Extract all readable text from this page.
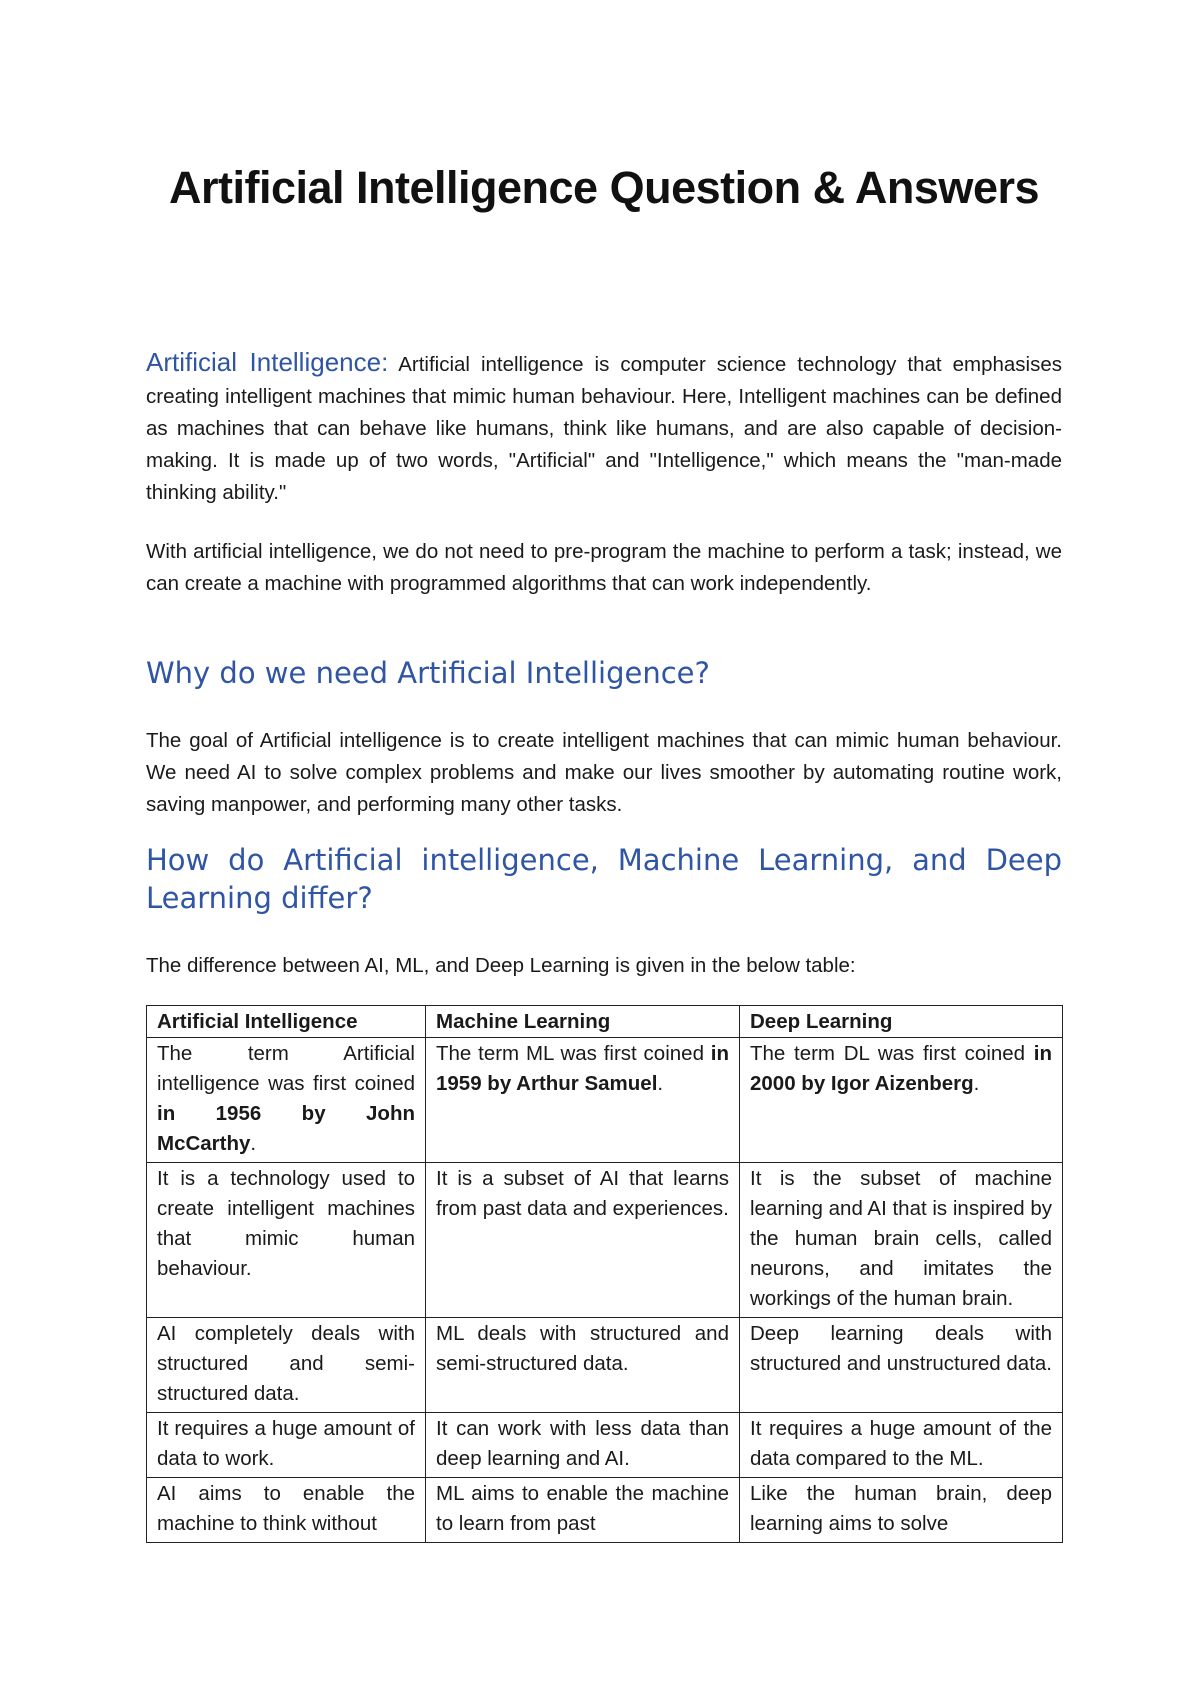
Artificial Intelligence Question & Answers

Artificial Intelligence: Artificial intelligence is computer science technology that emphasises creating intelligent machines that mimic human behaviour. Here, Intelligent machines can be defined as machines that can behave like humans, think like humans, and are also capable of decision-making. It is made up of two words, "Artificial" and "Intelligence," which means the "man-made thinking ability."

With artificial intelligence, we do not need to pre-program the machine to perform a task; instead, we can create a machine with programmed algorithms that can work independently.

Why do we need Artificial Intelligence?

The goal of Artificial intelligence is to create intelligent machines that can mimic human behaviour. We need AI to solve complex problems and make our lives smoother by automating routine work, saving manpower, and performing many other tasks.

How do Artificial intelligence, Machine Learning, and Deep Learning differ?

The difference between AI, ML, and Deep Learning is given in the below table:

Artificial Intelligence	Machine Learning	Deep Learning
The term Artificial intelligence was first coined in 1956 by John McCarthy.	The term ML was first coined in 1959 by Arthur Samuel.	The term DL was first coined in 2000 by Igor Aizenberg.
It is a technology used to create intelligent machines that mimic human behaviour.	It is a subset of AI that learns from past data and experiences.	It is the subset of machine learning and AI that is inspired by the human brain cells, called neurons, and imitates the workings of the human brain.
AI completely deals with structured and semi-structured data.	ML deals with structured and semi-structured data.	Deep learning deals with structured and unstructured data.
It requires a huge amount of data to work.	It can work with less data than deep learning and AI.	It requires a huge amount of the data compared to the ML.
AI aims to enable the machine to think without	ML aims to enable the machine to learn from past	Like the human brain, deep learning aims to solve
